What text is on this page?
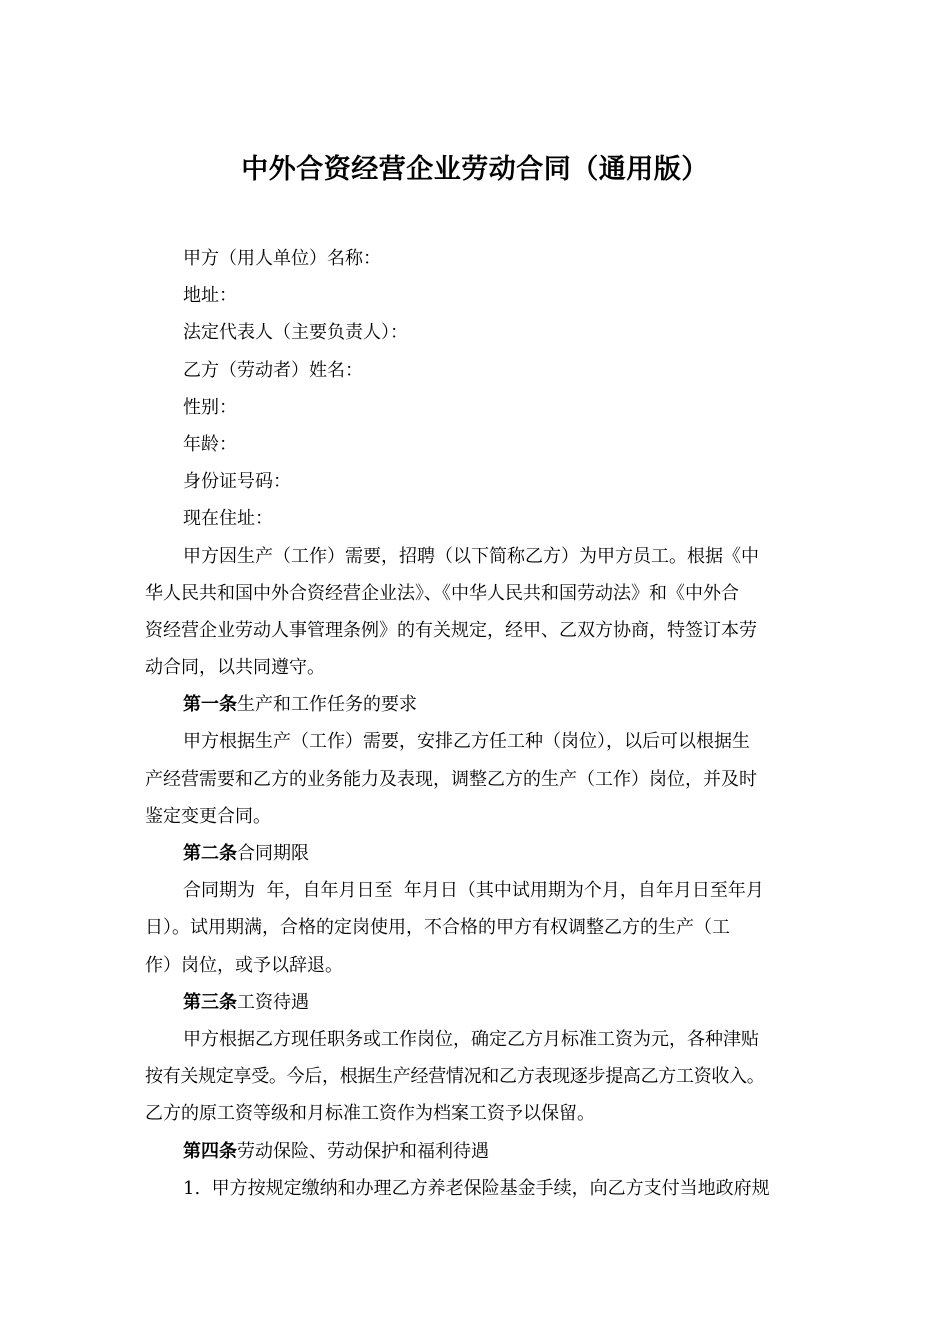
中外合资经营企业劳动合同（通用版）
甲方（用人单位）名称：
地址：
法定代表人（主要负责人）：
乙方（劳动者）姓名：
性别：
年龄：
身份证号码：
现在住址：
甲方因生产（工作）需要，招聘（以下简称乙方）为甲方员工。根据《中
华人民共和国中外合资经营企业法》、《中华人民共和国劳动法》和《中外合
资经营企业劳动人事管理条例》的有关规定，经甲、乙双方协商，特签订本劳
动合同，以共同遵守。
第一条生产和工作任务的要求
甲方根据生产（工作）需要，安排乙方任工种（岗位），以后可以根据生
产经营需要和乙方的业务能力及表现，调整乙方的生产（工作）岗位，并及时
鉴定变更合同。
第二条合同期限
合同期为  年，自年月日至  年月日（其中试用期为个月，自年月日至年月
日）。试用期满，合格的定岗使用，不合格的甲方有权调整乙方的生产（工
作）岗位，或予以辞退。
第三条工资待遇
甲方根据乙方现任职务或工作岗位，确定乙方月标准工资为元，各种津贴
按有关规定享受。今后，根据生产经营情况和乙方表现逐步提高乙方工资收入。
乙方的原工资等级和月标准工资作为档案工资予以保留。
第四条劳动保险、劳动保护和福利待遇
1.  甲方按规定缴纳和办理乙方养老保险基金手续，向乙方支付当地政府规
